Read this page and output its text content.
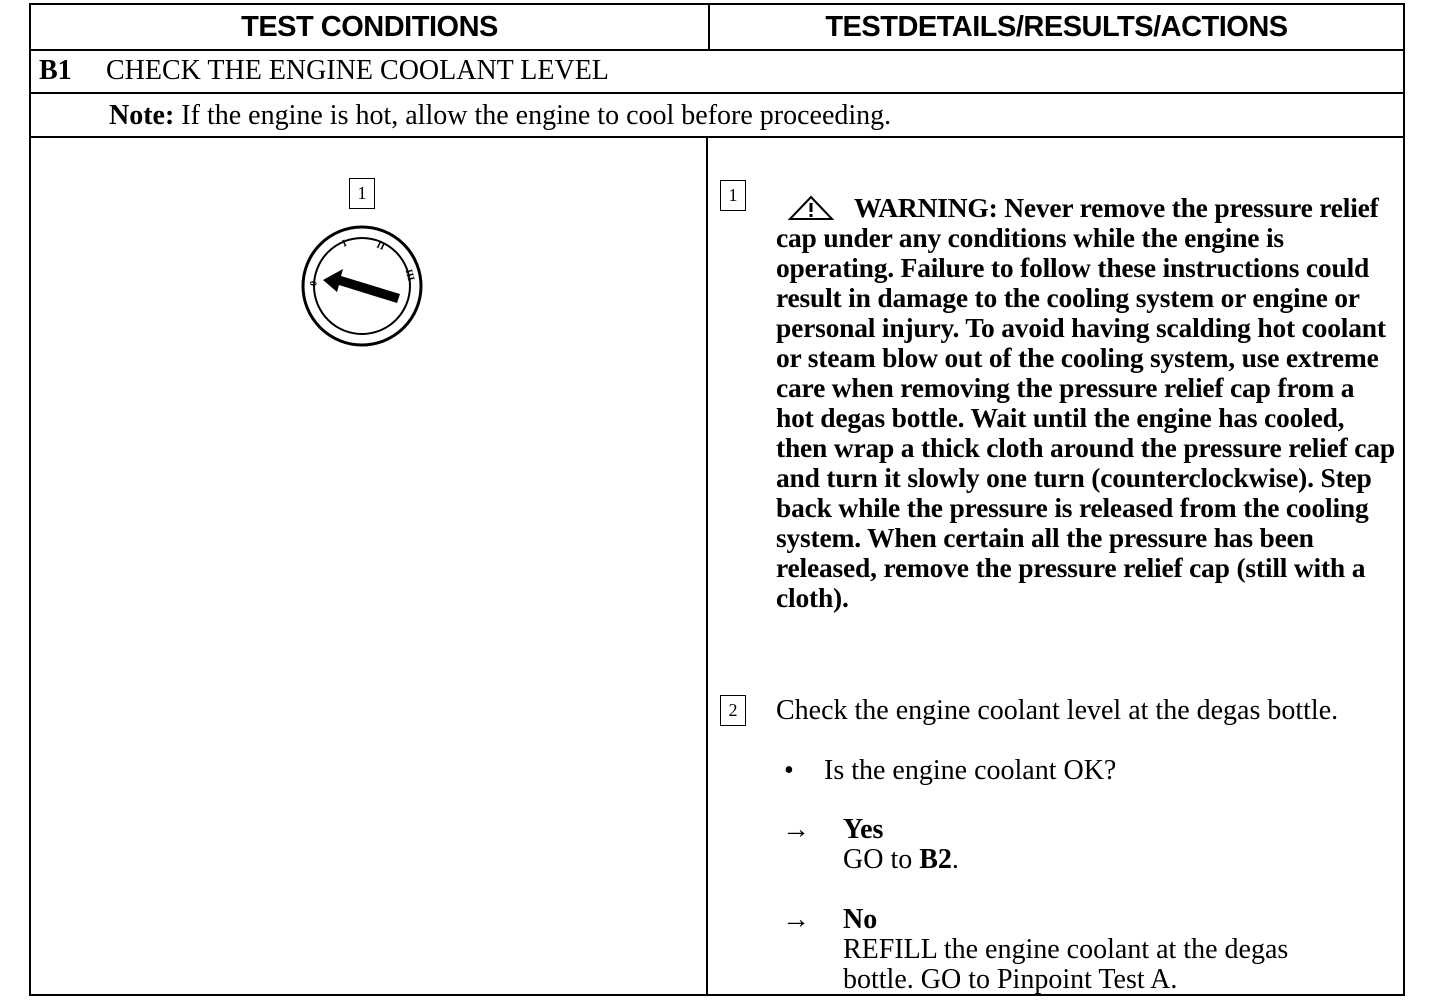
TEST CONDITIONS	TESTDETAILS/RESULTS/ACTIONS
B1 CHECK THE ENGINE COOLANT LEVEL
Note: If the engine is hot, allow the engine to cool before proceeding.
1
0
I	II
III
1	WARNING: Never remove the pressure relief cap under any conditions while the engine is operating. Failure to follow these instructions could result in damage to the cooling system or engine or personal injury. To avoid having scalding hot coolant or steam blow out of the cooling system, use extreme care when removing the pressure relief cap from a hot degas bottle. Wait until the engine has cooled, then wrap a thick cloth around the pressure relief cap and turn it slowly one turn (counterclockwise). Step back while the pressure is released from the cooling system. When certain all the pressure has been released, remove the pressure relief cap (still with a cloth).
2	Check the engine coolant level at the degas bottle.
• Is the engine coolant OK?
→ Yes
GO to B2.
→ No
REFILL the engine coolant at the degas
bottle. GO to Pinpoint Test A.
